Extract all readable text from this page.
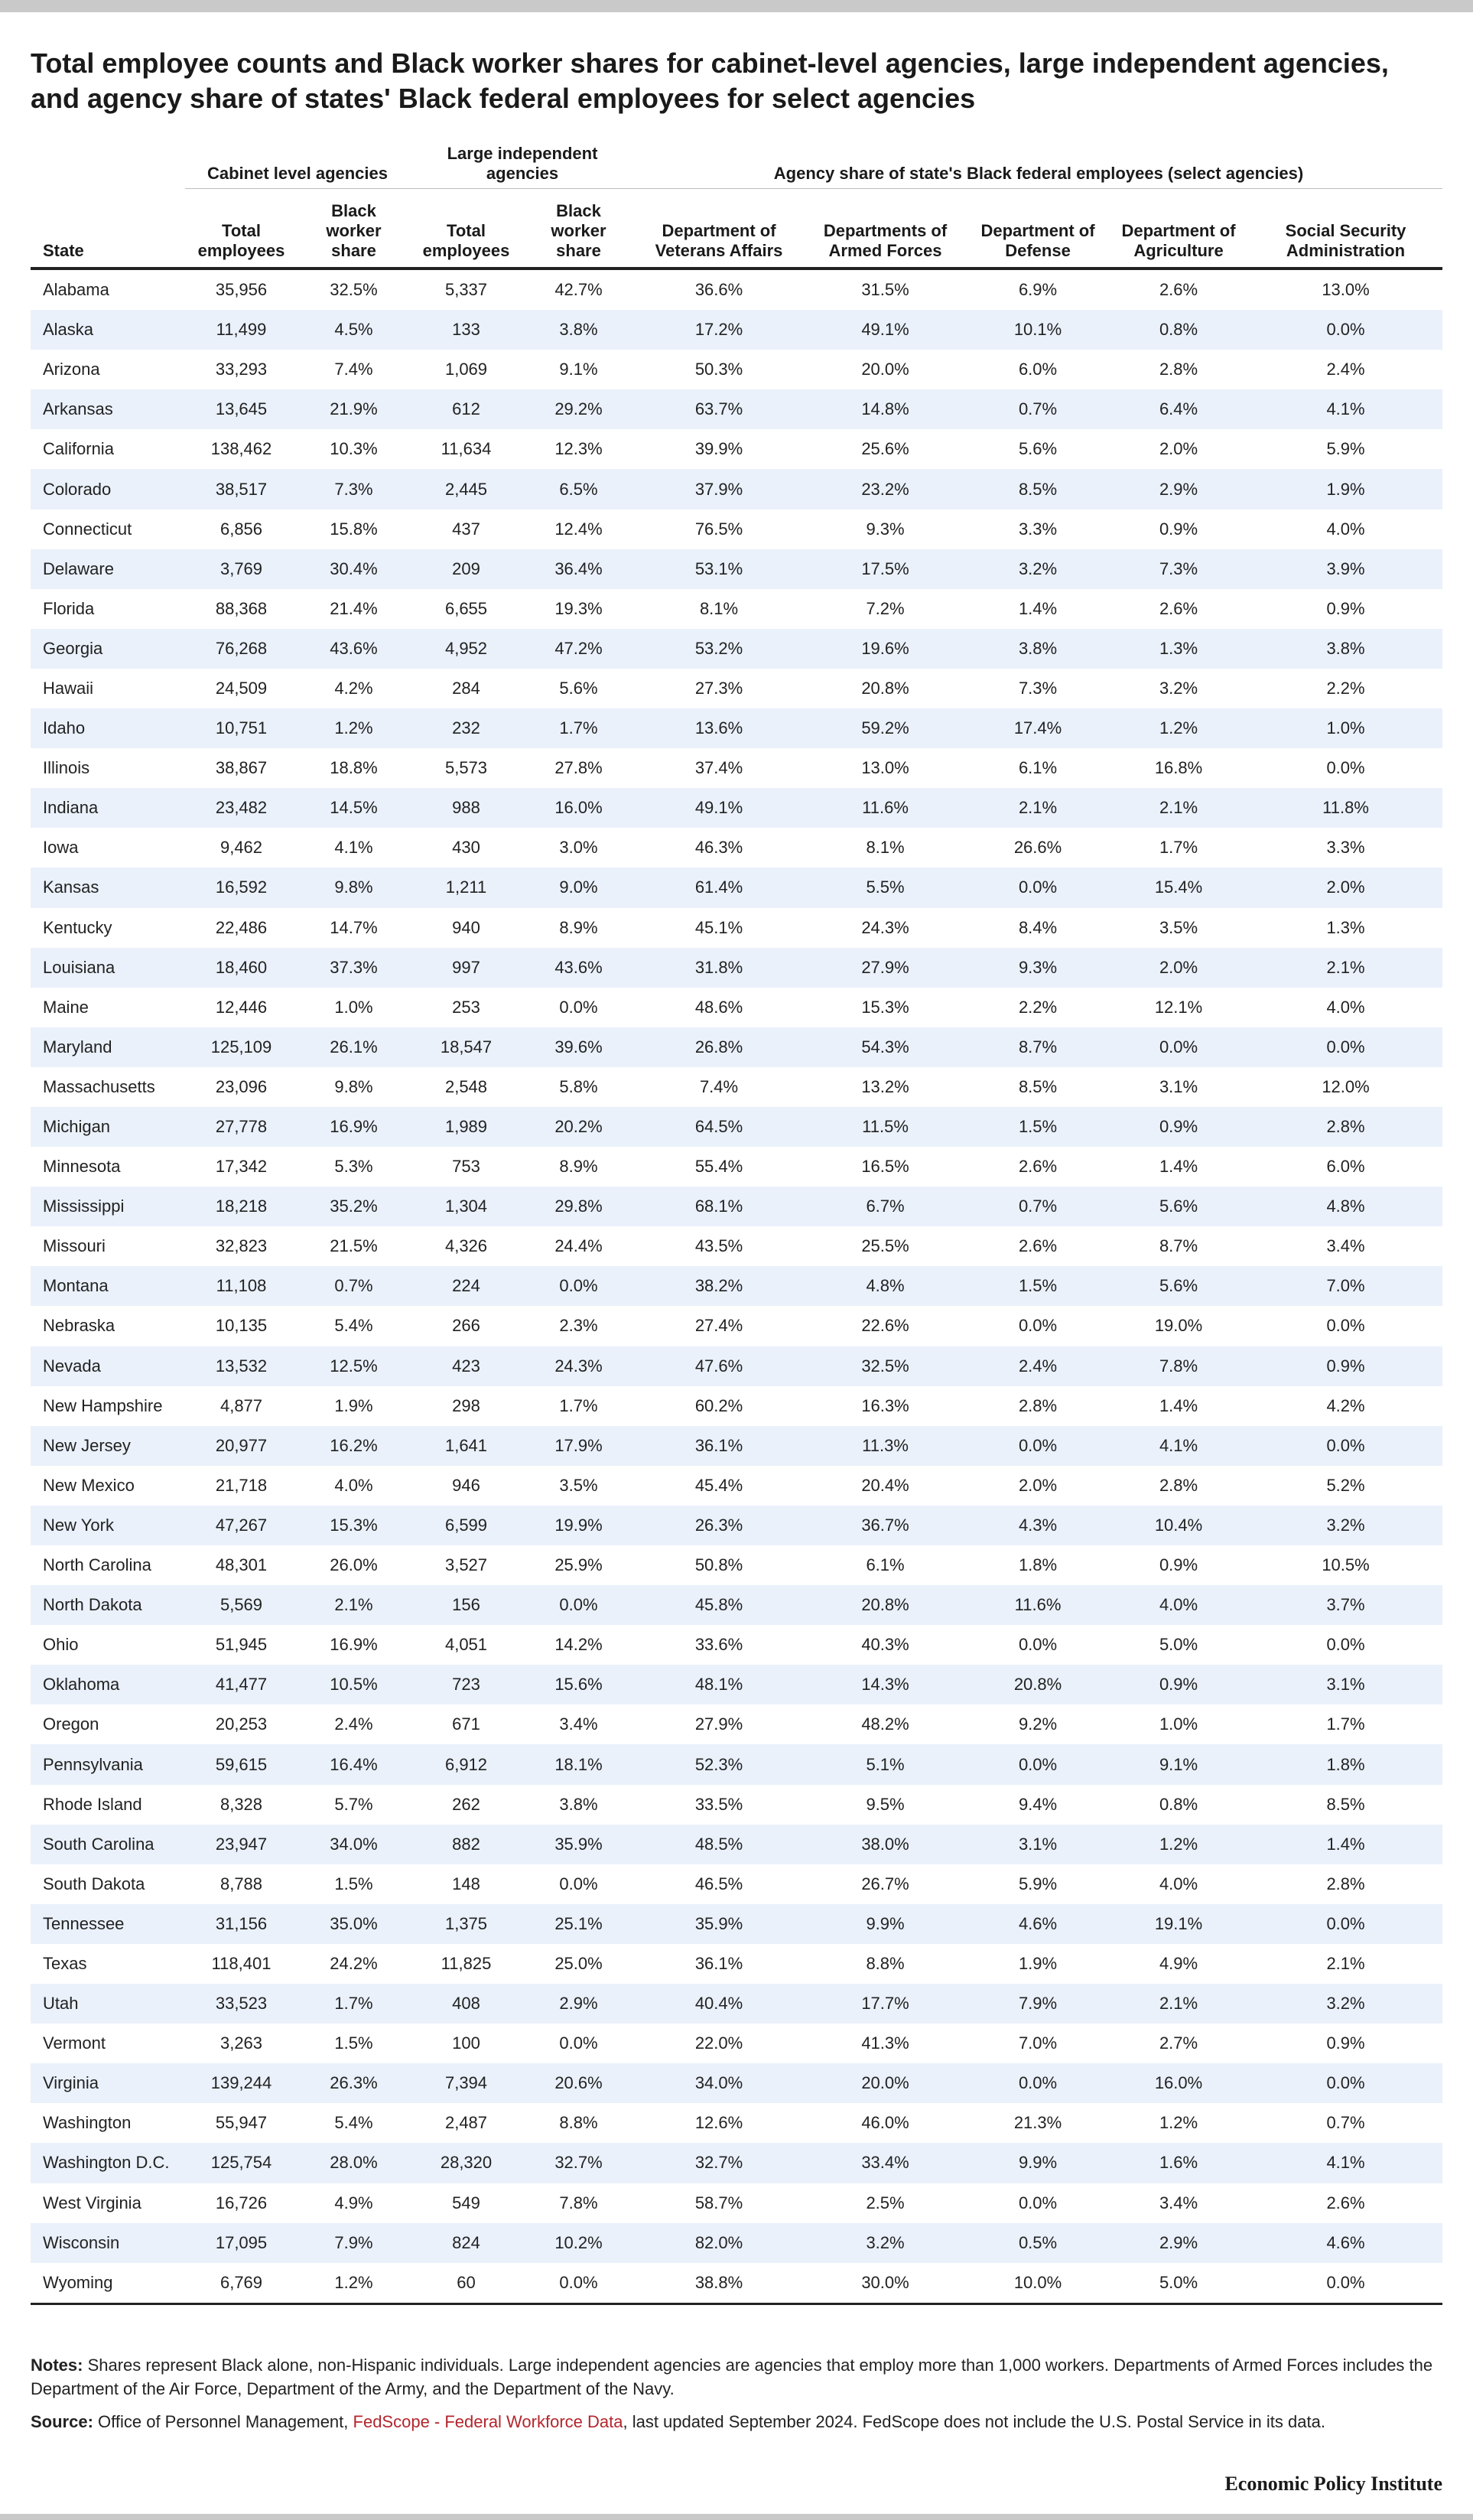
Total employee counts and Black worker shares for cabinet-level agencies, large independent agencies, and agency share of states' Black federal employees for select agencies
	Cabinet level agencies		Large independent agencies		Agency share of state's Black federal employees (select agencies)				
State	Total employees	Black worker share	Total employees	Black worker share	Department of Veterans Affairs	Departments of Armed Forces	Department of Defense	Department of Agriculture	Social Security Administration
Alabama	35,956	32.5%	5,337	42.7%	36.6%	31.5%	6.9%	2.6%	13.0%
Alaska	11,499	4.5%	133	3.8%	17.2%	49.1%	10.1%	0.8%	0.0%
Arizona	33,293	7.4%	1,069	9.1%	50.3%	20.0%	6.0%	2.8%	2.4%
Arkansas	13,645	21.9%	612	29.2%	63.7%	14.8%	0.7%	6.4%	4.1%
California	138,462	10.3%	11,634	12.3%	39.9%	25.6%	5.6%	2.0%	5.9%
Colorado	38,517	7.3%	2,445	6.5%	37.9%	23.2%	8.5%	2.9%	1.9%
Connecticut	6,856	15.8%	437	12.4%	76.5%	9.3%	3.3%	0.9%	4.0%
Delaware	3,769	30.4%	209	36.4%	53.1%	17.5%	3.2%	7.3%	3.9%
Florida	88,368	21.4%	6,655	19.3%	8.1%	7.2%	1.4%	2.6%	0.9%
Georgia	76,268	43.6%	4,952	47.2%	53.2%	19.6%	3.8%	1.3%	3.8%
Hawaii	24,509	4.2%	284	5.6%	27.3%	20.8%	7.3%	3.2%	2.2%
Idaho	10,751	1.2%	232	1.7%	13.6%	59.2%	17.4%	1.2%	1.0%
Illinois	38,867	18.8%	5,573	27.8%	37.4%	13.0%	6.1%	16.8%	0.0%
Indiana	23,482	14.5%	988	16.0%	49.1%	11.6%	2.1%	2.1%	11.8%
Iowa	9,462	4.1%	430	3.0%	46.3%	8.1%	26.6%	1.7%	3.3%
Kansas	16,592	9.8%	1,211	9.0%	61.4%	5.5%	0.0%	15.4%	2.0%
Kentucky	22,486	14.7%	940	8.9%	45.1%	24.3%	8.4%	3.5%	1.3%
Louisiana	18,460	37.3%	997	43.6%	31.8%	27.9%	9.3%	2.0%	2.1%
Maine	12,446	1.0%	253	0.0%	48.6%	15.3%	2.2%	12.1%	4.0%
Maryland	125,109	26.1%	18,547	39.6%	26.8%	54.3%	8.7%	0.0%	0.0%
Massachusetts	23,096	9.8%	2,548	5.8%	7.4%	13.2%	8.5%	3.1%	12.0%
Michigan	27,778	16.9%	1,989	20.2%	64.5%	11.5%	1.5%	0.9%	2.8%
Minnesota	17,342	5.3%	753	8.9%	55.4%	16.5%	2.6%	1.4%	6.0%
Mississippi	18,218	35.2%	1,304	29.8%	68.1%	6.7%	0.7%	5.6%	4.8%
Missouri	32,823	21.5%	4,326	24.4%	43.5%	25.5%	2.6%	8.7%	3.4%
Montana	11,108	0.7%	224	0.0%	38.2%	4.8%	1.5%	5.6%	7.0%
Nebraska	10,135	5.4%	266	2.3%	27.4%	22.6%	0.0%	19.0%	0.0%
Nevada	13,532	12.5%	423	24.3%	47.6%	32.5%	2.4%	7.8%	0.9%
New Hampshire	4,877	1.9%	298	1.7%	60.2%	16.3%	2.8%	1.4%	4.2%
New Jersey	20,977	16.2%	1,641	17.9%	36.1%	11.3%	0.0%	4.1%	0.0%
New Mexico	21,718	4.0%	946	3.5%	45.4%	20.4%	2.0%	2.8%	5.2%
New York	47,267	15.3%	6,599	19.9%	26.3%	36.7%	4.3%	10.4%	3.2%
North Carolina	48,301	26.0%	3,527	25.9%	50.8%	6.1%	1.8%	0.9%	10.5%
North Dakota	5,569	2.1%	156	0.0%	45.8%	20.8%	11.6%	4.0%	3.7%
Ohio	51,945	16.9%	4,051	14.2%	33.6%	40.3%	0.0%	5.0%	0.0%
Oklahoma	41,477	10.5%	723	15.6%	48.1%	14.3%	20.8%	0.9%	3.1%
Oregon	20,253	2.4%	671	3.4%	27.9%	48.2%	9.2%	1.0%	1.7%
Pennsylvania	59,615	16.4%	6,912	18.1%	52.3%	5.1%	0.0%	9.1%	1.8%
Rhode Island	8,328	5.7%	262	3.8%	33.5%	9.5%	9.4%	0.8%	8.5%
South Carolina	23,947	34.0%	882	35.9%	48.5%	38.0%	3.1%	1.2%	1.4%
South Dakota	8,788	1.5%	148	0.0%	46.5%	26.7%	5.9%	4.0%	2.8%
Tennessee	31,156	35.0%	1,375	25.1%	35.9%	9.9%	4.6%	19.1%	0.0%
Texas	118,401	24.2%	11,825	25.0%	36.1%	8.8%	1.9%	4.9%	2.1%
Utah	33,523	1.7%	408	2.9%	40.4%	17.7%	7.9%	2.1%	3.2%
Vermont	3,263	1.5%	100	0.0%	22.0%	41.3%	7.0%	2.7%	0.9%
Virginia	139,244	26.3%	7,394	20.6%	34.0%	20.0%	0.0%	16.0%	0.0%
Washington	55,947	5.4%	2,487	8.8%	12.6%	46.0%	21.3%	1.2%	0.7%
Washington D.C.	125,754	28.0%	28,320	32.7%	32.7%	33.4%	9.9%	1.6%	4.1%
West Virginia	16,726	4.9%	549	7.8%	58.7%	2.5%	0.0%	3.4%	2.6%
Wisconsin	17,095	7.9%	824	10.2%	82.0%	3.2%	0.5%	2.9%	4.6%
Wyoming	6,769	1.2%	60	0.0%	38.8%	30.0%	10.0%	5.0%	0.0%

Notes: Shares represent Black alone, non-Hispanic individuals. Large independent agencies are agencies that employ more than 1,000 workers. Departments of Armed Forces includes the Department of the Air Force, Department of the Army, and the Department of the Navy.

Source: Office of Personnel Management, FedScope - Federal Workforce Data, last updated September 2024. FedScope does not include the U.S. Postal Service in its data.

Economic Policy Institute
